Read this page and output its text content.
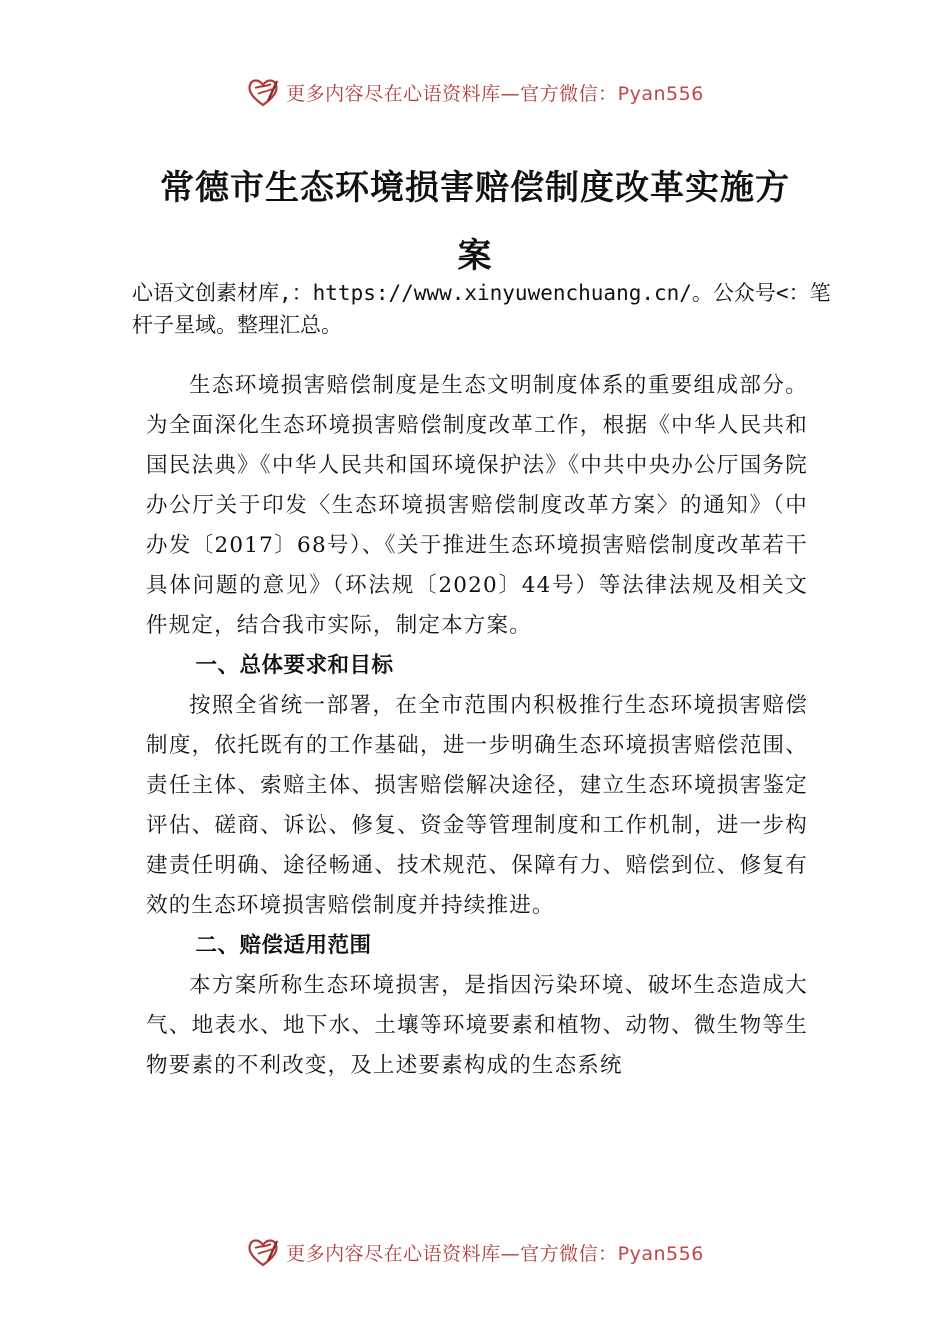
更多内容尽在心语资料库—官方微信：Pyan556
常德市生态环境损害赔偿制度改革实施方
案

心语文创素材库,：https://www.xinyuwenchuang.cn/。公众号<：笔杆子星域。整理汇总。

生态环境损害赔偿制度是生态文明制度体系的重要组成部分。为全面深化生态环境损害赔偿制度改革工作，根据《中华人民共和国民法典》《中华人民共和国环境保护法》《中共中央办公厅国务院办公厅关于印发〈生态环境损害赔偿制度改革方案〉的通知》（中办发〔2017〕68号）、《关于推进生态环境损害赔偿制度改革若干具体问题的意见》（环法规〔2020〕44号）等法律法规及相关文件规定，结合我市实际，制定本方案。

一、总体要求和目标

按照全省统一部署，在全市范围内积极推行生态环境损害赔偿制度，依托既有的工作基础，进一步明确生态环境损害赔偿范围、责任主体、索赔主体、损害赔偿解决途径，建立生态环境损害鉴定评估、磋商、诉讼、修复、资金等管理制度和工作机制，进一步构建责任明确、途径畅通、技术规范、保障有力、赔偿到位、修复有效的生态环境损害赔偿制度并持续推进。

二、赔偿适用范围

本方案所称生态环境损害，是指因污染环境、破坏生态造成大气、地表水、地下水、土壤等环境要素和植物、动物、微生物等生物要素的不利改变，及上述要素构成的生态系统

更多内容尽在心语资料库—官方微信：Pyan556
